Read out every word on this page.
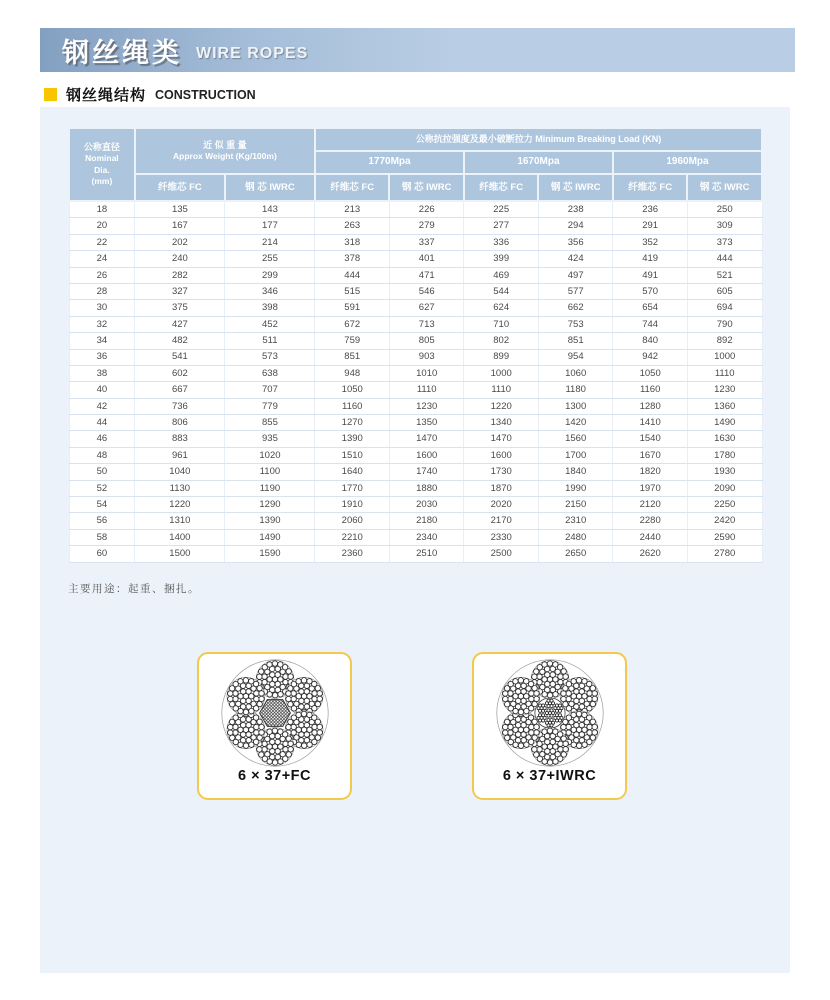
钢丝绳类 WIRE ROPES
钢丝绳结构 CONSTRUCTION
公称直径
Nominal
Dia.
(mm)	近 似 重 量
Approx Weight (Kg/100m)		公称抗拉强度及最小破断拉力 Minimum Breaking Load (KN)					
			1770Mpa		1670Mpa		1960Mpa	
	纤维芯 FC	钢 芯 IWRC	纤维芯 FC	钢 芯 IWRC	纤维芯 FC	钢 芯 IWRC	纤维芯 FC	钢 芯 IWRC
18	135	143	213	226	225	238	236	250
20	167	177	263	279	277	294	291	309
22	202	214	318	337	336	356	352	373
24	240	255	378	401	399	424	419	444
26	282	299	444	471	469	497	491	521
28	327	346	515	546	544	577	570	605
30	375	398	591	627	624	662	654	694
32	427	452	672	713	710	753	744	790
34	482	511	759	805	802	851	840	892
36	541	573	851	903	899	954	942	1000
38	602	638	948	1010	1000	1060	1050	1110
40	667	707	1050	1110	1110	1180	1160	1230
42	736	779	1160	1230	1220	1300	1280	1360
44	806	855	1270	1350	1340	1420	1410	1490
46	883	935	1390	1470	1470	1560	1540	1630
48	961	1020	1510	1600	1600	1700	1670	1780
50	1040	1100	1640	1740	1730	1840	1820	1930
52	1130	1190	1770	1880	1870	1990	1970	2090
54	1220	1290	1910	2030	2020	2150	2120	2250
56	1310	1390	2060	2180	2170	2310	2280	2420
58	1400	1490	2210	2340	2330	2480	2440	2590
60	1500	1590	2360	2510	2500	2650	2620	2780

主要用途：起重、捆扎。

6 × 37+FC	6 × 37+IWRC
